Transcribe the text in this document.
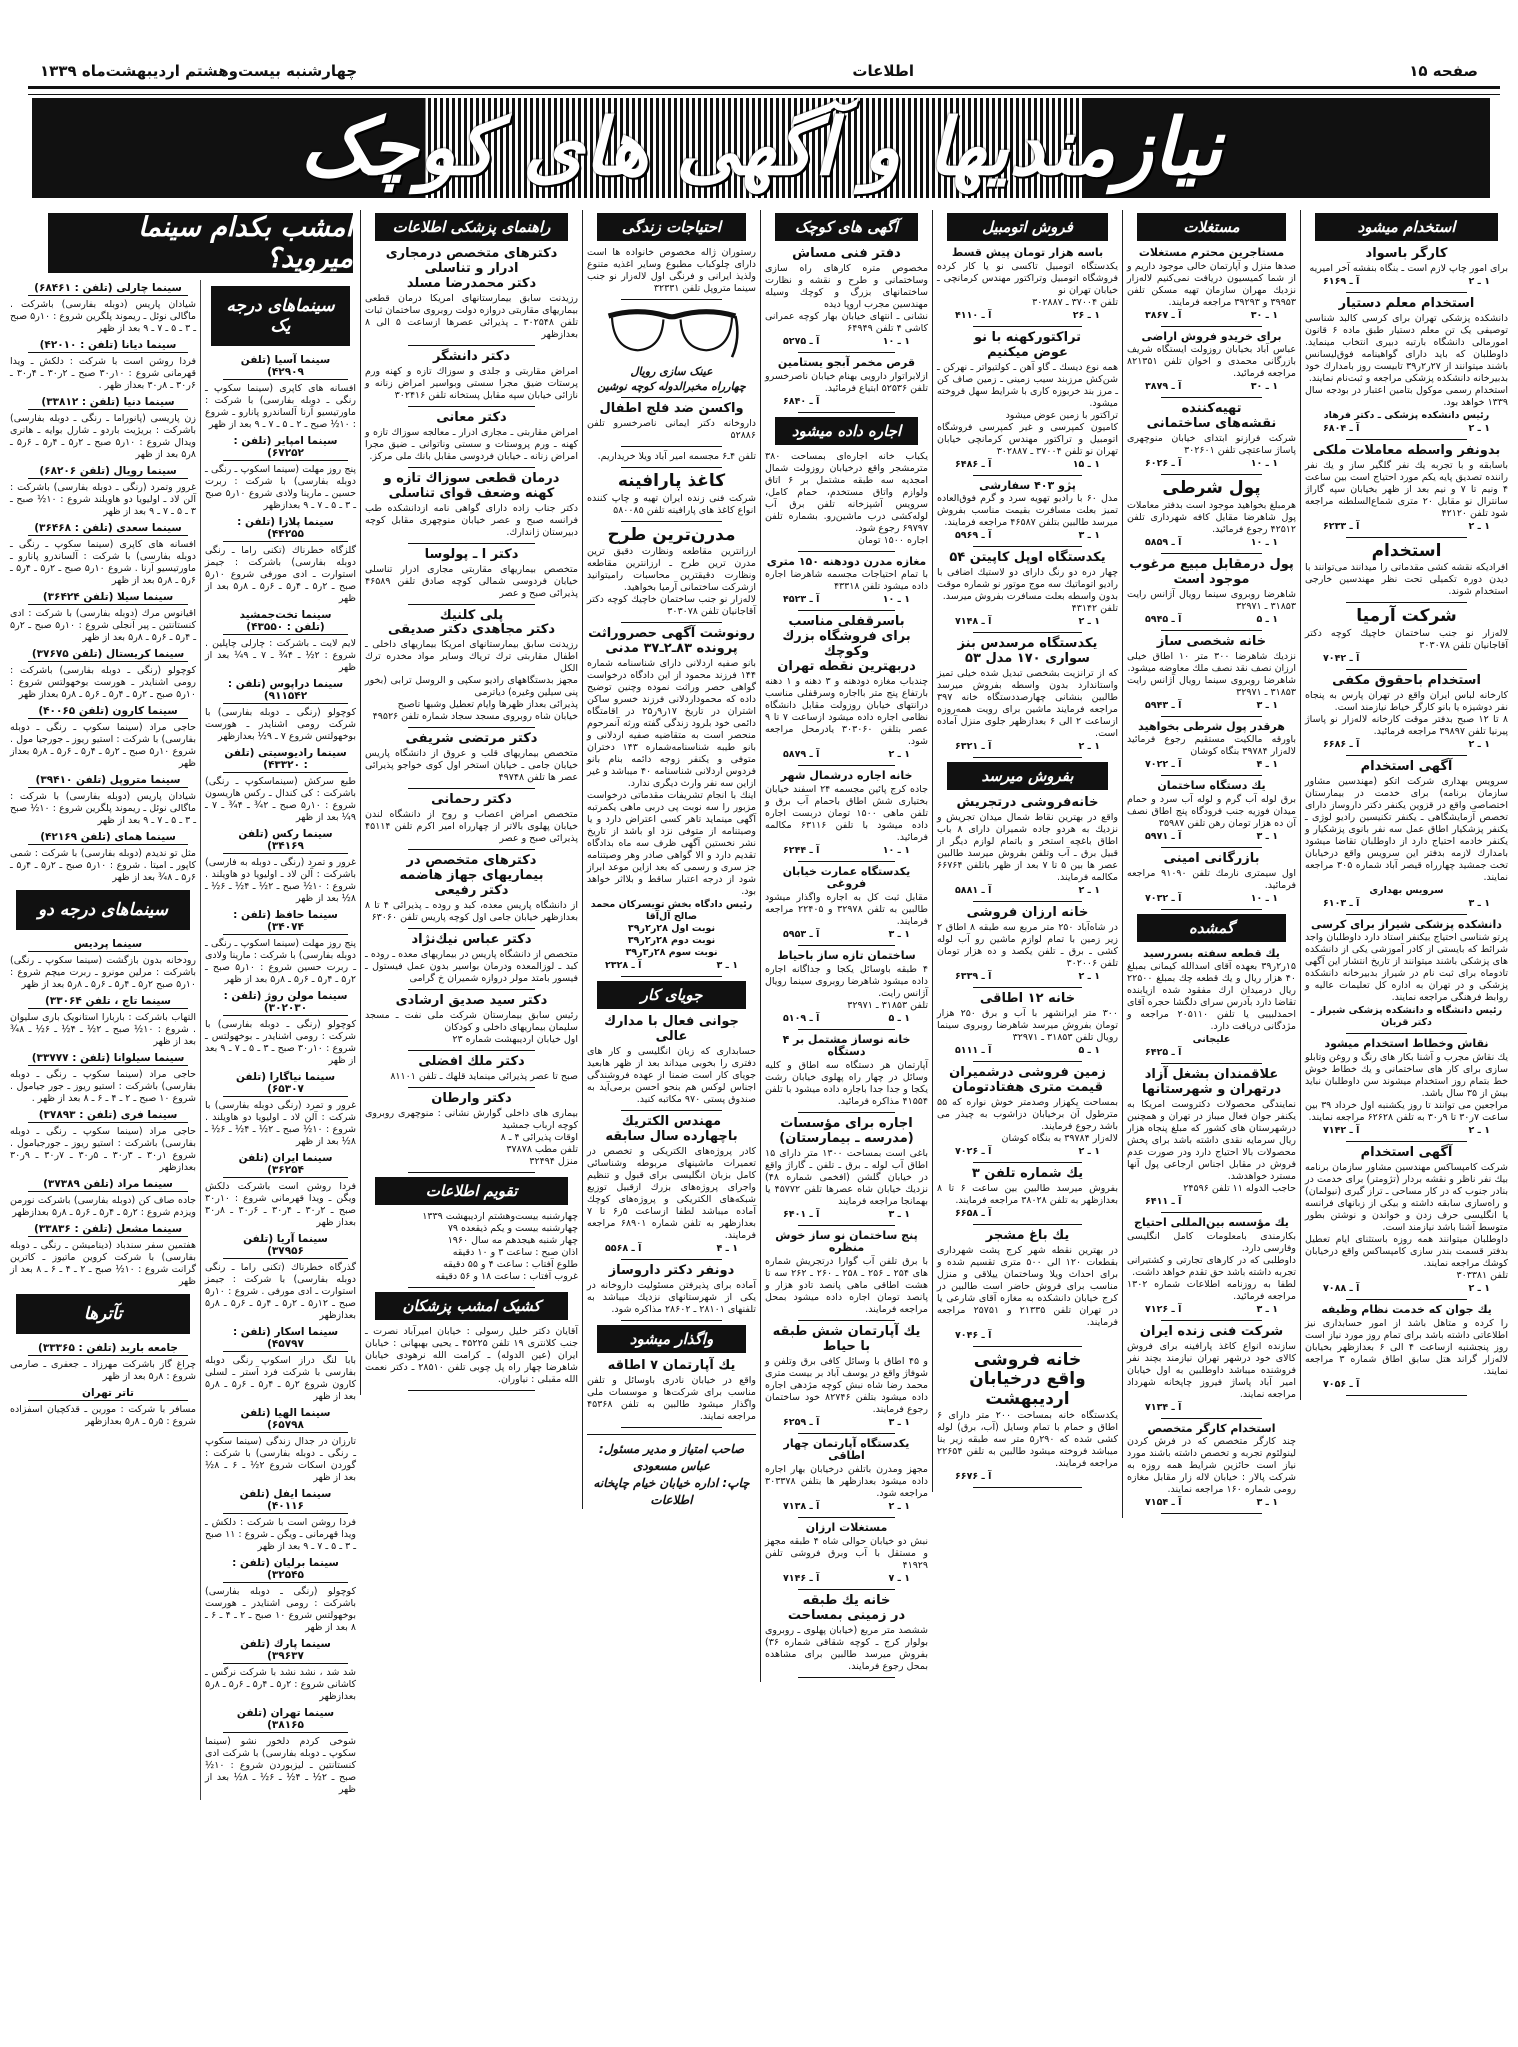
صفحه ۱۵
اطلاعات
چهارشنبه بیست‌وهشتم اردیبهشت‌ماه ۱۳۳۹
نیازمندیها و آگهی های کوچک
استخدام میشود
کارگر باسواد
برای امور چاپ لازم است ـ بنگاه بنفشه آخر امیریه
۱ ـ ۲
آ ـ ۶۱۶۹
استخدام معلم دستیار
دانشکده پزشکی تهران برای کرسی کالبد شناسی توصیفی یک تن معلم دستیار طبق ماده ۶ قانون امورمالی دانشگاه بارتبه دبیری انتخاب مینماید. داوطلبان که باید دارای گواهینامه فوق‌لیسانس باشند میتوانند از ۲۷ر۲ر۳۹ تابیست روز بامدارك خود بدبیرخانه دانشکده پزشکی مراجعه و ثبت‌نام نمایند.
استخدام رسمی موکول بتامین اعتبار در بودجه سال ۱۳۳۹ خواهد بود.
رئیس دانشکده پزشکی ـ دکتر فرهاد
۱ ـ ۲
آ ـ ۶۸۰۴
بدونفر واسطه معاملات ملکی
باسابقه و با تجربه یك نفر گلگیر ساز و یك نفر راننده تصدیق پایه یکم مورد احتیاج است بین ساعت ۴ ونیم تا ۷ و نیم بعد از ظهر بخیابان سپه گاراژ سانترال نو مقابل ۲۰ متری شماع‌السلطنه مراجعه شود تلفن ۴۲۱۲۰
۱ ـ ۲
آ ـ ۶۲۳۳
استخدام
افرادیکه نقشه کشی مقدماتی را میدانند می‌توانند با دیدن دوره تکمیلی تحت نظر مهندسین خارجی استخدام شوند.
شرکت آرمیا
لاله‌زار نو جنب ساختمان خاچیك کوچه دکتر آقاجانیان تلفن ۳۰۳۰۷۸
آ ـ ۷۰۴۲
استخدام باحقوق مکفی
کارخانه لباس ایران واقع در تهران پارس به پنجاه نفر دوشیزه یا بانو کارگر خیاط نیازمند است.
۸ تا ۱۲ صبح بدفتر موقت کارخانه لاله‌زار نو پاساژ پیرنیا تلفن ۳۹۸۹۷ مراجعه فرمائید.
۱ ـ ۲
آ ـ ۶۶۸۶
آگهی استخدام
سرویس بهداری شرکت اتکو (مهندسین مشاور سازمان برنامه) برای خدمت در بیمارستان اختصاصی واقع در قزوین یکنفر دکتر داروساز دارای تخصص آزمایشگاهی ـ یکنفر تکنیسین رادیو لوژی ـ یکنفر پزشکیار اطاق عمل سه نفر بانوی پزشکیار و یکنفر خادمه احتیاج دارد از داوطلبان تقاضا میشود بامدارك لازمه بدفتر این سرویس واقع درخیابان تخت جمشید چهارراه قیصر آباد شماره ۳۰۵ مراجعه نمایند.
سرویس بهداری
۱ ـ ۳
آ ـ ۶۱۰۳
دانشکده پزشکی شیراز برای کرسی
پرتو شناسی احتیاج بیکنفر استاد دارد داوطلبان واجد شرائط که بایستی از کادر آموزشی یکی از دانشکده های پزشکی باشند میتوانند از تاریخ انتشار این آگهی تادوماه برای ثبت نام در شیراز بدبیرخانه دانشکده پزشکی و در تهران به اداره کل تعلیمات عالیه و روابط فرهنگی مراجعه نمایند.
رئیس دانشگاه و دانشکده پزشکی شیراز ـ دکتر قربان
نقاش وخطاط استخدام میشود
یك نقاش مجرب و آشنا بکار های رنگ و روغن وتابلو سازی برای کار های ساختمانی و یك خطاط خوش خط بتمام روز استخدام میشوند سن داوطلبان نباید بیش از ۳۵ سال باشد.
مراجعین می توانند تا روز یکشنبه اول خرداد ۳۹ بین ساعت ۷ر۳۰ تا ۹ر۳۰ به تلفن ۶۲۶۲۸ مراجعه نمایند.
۱ ـ ۲
آ ـ ۷۱۴۲
آگهی استخدام
شرکت کامپساکس مهندسین مشاور سازمان برنامه بیك نفر ناظر و نقشه بردار (تژومتر) برای خدمت در بنادر جنوب که در کار مساحی ـ تراز گیری (نیولمان) و راه‌سازی سابقه داشته و بیکی از زبانهای فرانسه یا انگلیسی حرف زدن و خواندن و نوشتن بطور متوسط آشنا باشد نیازمند است.
داوطلبان میتوانند همه روزه باستثنای ایام تعطیل بدفتر قسمت بندر سازی کامپساکس واقع درخیابان کوشك مراجعه نمایند.
تلفن ۳۰۳۳۸۱
۱ ـ ۲
آ ـ ۷۰۸۸
یك جوان که خدمت نظام وظیفه
را کرده و متاهل باشد از امور حسابداری نیز اطلاعاتی داشته باشد برای تمام روز مورد نیاز است روز پنجشنبه ازساعت ۴ الی ۶ بعدازظهر بخیابان لاله‌زار گراند هتل سابق اطاق شماره ۳ مراجعه نمایند.
آ ـ ۷۰۵۶
مستغلات
مستاجرین محترم مستغلات
صدها منزل و آپارتمان خالی موجود داریم و از شما کمیسیون دریافت نمی‌کنیم لاله‌زار نزدیك مهران سازمان تهیه مسکن تلفن ۳۹۹۵۳ و ۳۹۲۹۳ مراجعه فرمایند.
۱ ـ ۳۰
آ ـ ۳۸۶۷
برای خریدو فروش اراضی
عباس آباد بخیابان روزولت ایستگاه شریف بازرگانی محمدی و اخوان تلفن ۸۲۱۳۵۱ مراجعه فرمائید.
۱ ـ ۳۰
آ ـ ۳۸۷۹
تهیه‌کننده
نقشه‌های ساختمانی
شرکت فرازنو ابتدای خیابان منوچهری پاساژ ساعتچی تلفن ۳۰۲۶۰۱
۱ ـ ۱۰
آ ـ ۶۰۲۶
پول شرطی
هرمبلغ بخواهید موجود است بدفتر معاملات پول شاهرضا مقابل کافه شهرداری تلفن ۴۲۵۱۲ رجوع فرمائید.
۱ ـ ۱۰
آ ـ ۵۸۵۹
پول درمقابل مبیع مرغوب
موجود است
شاهرضا روبروی سینما رویال آژانس رایت ۳۱۸۵۳ ـ ۳۲۹۷۱
۱ ـ ۵
آ ـ ۵۹۴۵
خانه شخصی ساز
نزدیك شاهرضا ۳۰۰ متر ۱۰ اطاق خیلی ارزان نصف نقد نصف ملك معاوضه میشود.
شاهرضا روبروی سینما رویال آژانس رایت ۳۱۸۵۳ ـ ۳۲۹۷۱
۱ ـ ۳
آ ـ ۵۹۴۳
هرقدر پول شرطی بخواهید
باورقه مالکیت مستقیم رجوع فرمائید لاله‌زار ۳۹۷۸۴ بنگاه کوشان
۱ ـ ۴
آ ـ ۷۰۲۲
یك دستگاه ساختمان
برق لوله آب گرم و لوله آب سرد و حمام میدان فوزیه جنب فرودگاه پنج اطاق نصف آن ده هزار تومان رهن تلفن ۳۵۹۸۷
۱ ـ ۳
آ ـ ۵۹۷۱
بازرگانی امینی
اول سیمتری نارمك تلفن ۹۱۰۹۰ مراجعه فرمائید.
۱ ـ ۱۰
آ ـ ۷۰۳۲
گمشده
یك قطعه سفته بسررسید
۱۵ر۲ر۳۹ بعهده آقای اسدالله کیمانی بمبلغ ۴۰ هزار ریال و یك قطعه چك بمبلغ ۲۲۵۰۰ ریال درمیدان ارك مفقود شده ازیابنده تقاضا دارد بآدرس سرای دلگشا حجره آقای احمدلبیبی یا تلفن ۲۰۵۱۱۰ مراجعه و مژدگانی دریافت دارد.
علیجانی
آ ـ ۶۴۲۵
علاقمندان بشغل آزاد
درتهران و شهرستانها
نمایندگی محصولات دکتروست امریکا به یکنفر جوان فعال میباز در تهران و همچنین درشهرستان های کشور که مبلغ پنجاه هزار ریال سرمایه نقدی داشته باشد برای پخش محصولات بالا احتیاج دارد ودر صورت عدم فروش در مقابل اجناس ارجاعی پول آنها مسترد خواهدشد.
حاجب الدوله ۱۱ تلفن ۲۴۵۹۶
آ ـ ۶۴۱۱
یك مؤسسه بین‌المللی احتیاج
بکارمندی بامعلومات کامل انگلیسی وفارسی دارد.
داوطلبی که در کارهای تجارتی و کشتیرانی تجربه داشته باشد حق تقدم خواهد داشت.
لطفا به روزنامه اطلاعات شماره ۱۳۰۲ مراجعه فرمائید.
۱ ـ ۳
آ ـ ۷۱۲۶
شرکت فنی زنده ایران
سازنده انواع کاغذ پارافینه برای فروش کالای خود درشهر تهران نیازمند بچند نفر فروشنده میباشد داوطلبین به اول خیابان امیر آباد پاساژ فیروز چاپخانه شهرداد مراجعه نمایند.
آ ـ ۷۱۳۴
استخدام کارگر متخصص
چند کارگر متخصص که در فرش کردن لینولئوم تجربه و تخصص داشته باشند مورد نیاز است حائزین شرایط همه روزه به شرکت پالار : خیابان لاله زار مقابل مغازه رومی شماره ۱۶۰ مراجعه نمایند.
۱ ـ ۳
آ ـ ۷۱۵۴
فروش اتومبیل
باسه هزار تومان پیش قسط
یکدستگاه اتومبیل تاکسی نو یا کار کرده فروشگاه اتومبیل وتراکتور مهندس کرمانچی ـ خیابان تهران نو
تلفن ۳۷۰۰۴ ـ ۳۰۲۸۸۷
۱ ـ ۲۶
آ ـ ۴۱۱۰
تراکتورکهنه با نو
عوض میکنیم
همه نوع دیسك ـ گاو آهن ـ کولتیواتر ـ نهرکن ـ شن‌کش مرزبند سیب زمینی ـ زمین صاف کن ـ مرز بند خربوزه کاری با شرایط سهل فروخته میشود.
تراکتور با زمین عوض میشود
کامیون کمپرسی و غیر کمپرسی فروشگاه اتومبیل و تراکتور مهندس کرمانچی خیابان تهران نو تلفن ۳۷۰۰۴ ـ ۳۰۲۸۸۷
۱ ـ ۱۵
آ ـ ۶۴۸۶
پژو ۴۰۳ سفارشی
مدل ۶۰ با رادیو تهویه سرد و گرم فوق‌العاده تمیز بعلت مسافرت بقیمت مناسب بفروش میرسد طالبین بتلفن ۴۶۵۸۷ مراجعه فرمایند.
۱ ـ ۳
آ ـ ۵۹۶۹
یکدستگاه اوپل کاپیتن ۵۴
چهار دره دو رنگ دارای دو لاستیك اضافی با رادیو اتوماتیك سه موج موتور نو شماره موقت بدون واسطه بعلت مسافرت بفروش میرسد.
تلفن ۴۳۱۴۲
۱ ـ ۲
آ ـ ۷۱۴۸
یکدستگاه مرسدس بنز
سواری ۱۷۰ مدل ۵۳
که از ترانزیت بشخصی تبدیل شده خیلی تمیز واستاندارد بدون واسطه بفروش میرسد طالبین بنشانی چهارصددستگاه خانه ۳۹۷ مراجعه فرمایند ماشین برای رویت همه‌روزه ازساعت ۲ الی ۶ بعدازظهر جلوی منزل آماده است.
۱ ـ ۲
آ ـ ۶۳۲۱
بفروش میرسد
خانه‌فروشی درتجریش
واقع در بهترین نقاط شمال میدان تجریش و نزدیك به هردو جاده شمیران دارای ۸ باب اطاق باغچه استخر و باتمام لوازم دیگر از قبیل برق ـ آب وتلفن بفروش میرسد طالبین عصر ها بین ۵ تا ۷ بعد از ظهر باتلفن ۶۶۷۶۴ مکالمه فرمایند.
۱ ـ ۲
آ ـ ۵۸۸۱
خانه ارزان فروشی
در شاه‌آباد ۲۵۰ متر مربع سه طبقه ۸ اطاق ۲ زیر زمین با تمام لوازم ماشین رو آب لوله کشی ـ برق ـ تلفن یکصد و ده هزار تومان تلفن ۳۰۲۰۰۶
۱ ـ ۲
آ ـ ۶۳۳۹
خانه ۱۲ اطاقی
۳۰۰ متر ایرانشهر با آب و برق ۲۵۰ هزار تومان بفروش میرسد شاهرضا روبروی سینما رویال تلفن ۳۱۸۵۳ ـ ۳۲۹۷۱
۱ ـ ۵
آ ـ ۵۱۱۱
زمین فروشی درشمیران
قیمت متری هفتادتومان
بمساحت یکهزار وصدمتر خوش نواره که ۵۵ مترطول آن برخیابان دزاشوب به چیذر می باشد رجوع فرمایند.
لاله‌زار ۳۹۷۸۴ به بنگاه کوشان
۱ ـ ۲
آ ـ ۷۰۲۶
یك شماره تلفن ۳
بفروش میرسد طالبین بین ساعت ۶ تا ۸ بعدازظهر به تلفن ۳۸۰۲۸ مراجعه فرمایند.
آ ـ ۶۶۵۸
یك باغ مشجر
در بهترین نقطه شهر کرج پشت شهرداری بقطعات ۱۲۰ الی ۵۰۰ متری تقسیم شده و برای احداث ویلا وساختمان ییلاقی و منزل مناسب برای فروش حاضر است طالبین در کرج خیابان دانشکده به مغازه آقای شارعی یا در تهران تلفن ۲۱۳۳۵ و ۲۵۷۵۱ مراجعه فرمایند.
آ ـ ۷۰۴۶
خانه فروشی
واقع درخیابان اردیبهشت
یکدستگاه خانه بمساحت ۲۰۰ متر دارای ۶ اطاق و حمام با تمام وسایل (آب، برق) لوله کشی شده که ۲۹۰ر۵ متر سه طبقه زیر بنا میباشد فروخته میشود طالبین به تلفن ۲۲۶۵۴ مراجعه فرمایند.
آ ـ ۶۶۷۶
آگهی های کوچک
دفتر فنی مساش
مخصوص متره کارهای راه سازی وساختمانی و طرح و نقشه و نظارت ساختمانهای بزرگ و کوچك وسیله مهندسین مجرب اروپا دیده
نشانی ـ انتهای خیابان بهار کوچه عمرانی کاشی ۴ تلفن ۶۴۹۴۹
۱ ـ ۱۰
آ ـ ۵۲۷۵
قرص مخمر آبجو یستامین
ازلابراتوار دارویی بهنام خیابان ناصرخسرو تلفن ۵۲۵۳۶ ابتیاع فرمائید.
آ ـ ۶۸۴۰
اجاره داده میشود
یکباب خانه اجاره‌ای بمساحت ۳۸۰ مترمشجر واقع درخیابان روزولت شمال امجدیه سه طبقه مشتمل بر ۶ اتاق ولوازم واتاق مستخدم، حمام کامل، سرویس آشپزخانه تلفن برق آب لوله‌کشی درب ماشین‌رو. بشماره تلفن ۶۹۷۹۷ رجوع شود.
اجاره ۱۵۰۰ تومان
مغازه مدرن دودهنه ۱۵۰ متری
با تمام احتیاجات مجسمه شاهرضا اجاره داده میشود تلفن ۴۳۳۱۸
۱ ـ ۱۰
آ ـ ۴۵۲۳
باسرقفلی مناسب
برای فروشگاه بزرك وکوچك
دربهترین نقطه تهران
چندباب مغازه دودهنه و ۳ دهنه و ۱ دهنه بارتفاع پنج متر بااجاره وسرقفلی مناسب درانتهای خیابان روزولت مقابل دانشگاه نظامی اجاره داده میشود ازساعت ۷ تا ۹ عصر بتلفن ۳۰۳۰۶۰ یادرمحل مراجعه شود.
۱ ـ ۲
آ ـ ۵۸۷۹
خانه اجاره درشمال شهر
جاده کرج پائین مجسمه ۲۴ اسفند خیابان بختیاری شش اطاق باحمام آب برق و تلفن ماهی ۱۵۰۰ تومان دربست اجاره داده میشود با تلفن ۶۳۱۱۶ مکالمه فرمائید.
۱ ـ ۱۰
آ ـ ۶۲۴۴
یکدستگاه عمارت خیابان فروغی
مقابل ثبت کل به اجاره واگذار میشود طالبین به تلفن ۳۲۹۷۸ و ۲۲۴۰۵ مراجعه فرمایند.
۱ ـ ۳
آ ـ ۵۹۵۳
ساختمان تازه ساز باحیاط
۴ طبقه باوسائل یکجا و جداگانه اجاره داده میشود شاهرضا روبروی سینما رویال آژانس رایت.
تلفن ۳۱۸۵۳ ـ ۳۲۹۷۱
۱ ـ ۵
آ ـ ۵۱۰۹
خانه نوساز مشتمل بر ۴ دستگاه
آپارتمان هر دستگاه سه اطاق و کلیه وسائل در چهار راه پهلوی خیابان رشت یکجا و جدا جدا باجاره داده میشود با تلفن ۴۱۵۵۴ مذاکره فرمائید.
اجاره برای مؤسسات
(مدرسه ـ بیمارستان)
باغی است بمساحت ۱۳۰۰ متر دارای ۱۵ اطاق آب لوله ـ برق ـ تلفن ـ گاراژ واقع در خیابان گلشن (افخمی شماره ۴۸) نزدیك خیابان شاه عصرها تلفن ۴۵۷۷۲ یا بهمانجا مراجعه فرمایند
۱ ـ ۳
آ ـ ۶۴۰۱
پنج ساختمان نو ساز خوش منظره
با برق تلفن آب گوارا درتجریش شماره های ۲۵۴ ـ ۲۵۶ ـ ۲۵۸ ـ ۲۶۰ ـ ۲۶۲ سه تا هشت اطاقی ماهی پانصد تادو هزار و پانصد تومان اجاره داده میشود بمحل مراجعه فرمایند.
یك آپارتمان شش طبقه
با حیاط
و ۴۵ اطاق با وسائل کافی برق وتلفن و شوفاژ واقع در یوسف آباد بر بیست متری محمد رضا شاه نبش کوچه مژدهی اجاره داده میشود بتلفن ۸۲۷۴۶ خود ساختمان رجوع فرمایند.
۱ ـ ۳
آ ـ ۶۲۵۹
یکدستگاه آپارتمان چهار اطاقی
مجهز ومدرن باتلفن درخیابان بهار اجاره داده میشود بعدازظهر ها بتلفن ۳۰۳۳۷۸ مراجعه شود.
۱ ـ ۲
آ ـ ۷۱۳۸
مستغلات ارزان
نبش دو خیابان حوالی شاه ۴ طبقه مجهز و مستقل با آب وبرق فروشی تلفن ۴۱۹۲۹
۱ ـ ۷
آ ـ ۷۱۴۶
خانه یك طبقه
در زمینی بمساحت
ششصد متر مربع (خیابان پهلوی ـ روبروی بولوار کرج ـ کوچه شقاقی شماره ۳۶) بفروش میرسد طالبین برای مشاهده بمحل رجوع فرمایند.
احتیاجات زندگی
رستوران ژاله مخصوص خانواده ها است دارای چلوکباب مطبوع وسایر اغذیه متنوع ولذیذ ایرانی و فرنگی اول لاله‌زار نو جنب سینما متروپل تلفن ۳۲۳۳۱
عینک سازی رویال
چهارراه مخبرالدوله کوچه نوشین
واکسن ضد فلج اطفال
داروخانه دکتر ایمانی ناصرخسرو تلفن ۵۲۸۸۶
تلفن ۴ـ۶ مجسمه امیر آباد ویلا خریداریم.
کاغذ پارافینه
شرکت فنی زنده ایران تهیه و چاپ کننده انواع کاغذ های پارافینه تلفن ۵۸۰۰۸۵
مدرن‌ترین طرح
ارزانترین مقاطعه ونظارت دقیق ترین مدرن ترین طرح ـ ارزانترین مقاطعه ونظارت دقیقترین محاسبات رامیتوانید ازشرکت ساختمانی آرمیا بخواهید.
لاله‌زار نو جنب ساختمان خاچیك کوچه دکتر آقاجانیان تلفن ۳۰۳۰۷۸
رونوشت آگهی حصروراثت
پرونده ۸۳ـ۲ـ۳۷ مدنی
بانو صفیه اردلانی دارای شناسنامه شماره ۱۴۴ فرزند محمود از این دادگاه درخواست گواهی حصر وراثت نموده وچنین توضیح داده که محموداردلانی فرزند خسرو ساکن اشتران در تاریخ ۱۷ر۹ر۲۵ در اقامتگاه دائمی خود بلرود زندگی گفته ورثه آنمرحوم منحصر است به متقاضیه صفیه اردلانی و بانو طیبه شناسنامه‌شماره ۱۴۳ دختران متوفی و یکنفر زوجه دائمه بنام بانو فردوس اردلانی شناسنامه ۴۰ میباشد و غیر ازاین سه نفر وارث دیگری ندارد.
اینك با انجام تشریفات مقدماتی درخواست مزبور را سه نوبت پی دربی ماهی یکمرتبه آگهی مینماید تاهر کسی اعتراض دارد و یا وصیتنامه از متوفی نزد او باشد از تاریخ نشر نخستین آگهی ظرف سه ماه بدادگاه تقدیم دارد و الا گواهی صادر وهر وصیتنامه جز سری و رسمی که بعد ازاین موعد ابراز شود از درجه اعتبار ساقط و بلااثر خواهد بود.
رئیس دادگاه بخش تویسرکان محمد صالح آل‌آقا
نوبت اول ۲۸ر۲ر۳۹
نوبت دوم ۲۸ر۲ر۳۹
نوبت سوم ۲۸ر۳ر۳۹
۱ ـ ۳
آ ـ ۲۳۲۸
جویای کار
جوانی فعال با مدارك عالی
حسابداری که زبان انگلیسی و کار های دفتری را بخوبی میداند بعد از ظهر هابعید جویای کار است ضمنا از عهده فروشندگی اجناس لوکس هم بنحو احسن برمی‌آید به صندوق پستی ۹۷۰ مکاتبه کنید.
مهندس الکتریك
باچهارده سال سابقه
کادر پروژه‌های الکتریکی و تخصص در تعمیرات ماشینهای مربوطه وشناسائی کامل بزبان انگلیسی برای قبول و تنظیم واجرای پروژه‌های بزرك ازقبیل توزیع شبکه‌های الکتریکی و پروژه‌های کوچك آماده میباشد لطفا ازساعت ۵ر۶ تا ۷ بعدازظهر به تلفن شماره ۶۸۹۰۱ مراجعه فرمایند.
۱ ـ ۴
آ ـ ۵۵۶۸
دونفر دکتر داروساز
آماده برای پذیرفتن مسئولیت داروخانه در یکی از شهرستانهای نزدیك میباشد به تلفنهای ۲۸۱۰۱ ـ ۲۸۶۰۲ مذاکره شود.
واگذار میشود
یك آپارتمان ۷ اطاقه
واقع در خیابان نادری باوسائل و تلفن مناسب برای شرکت‌ها و موسسات ملی واگذار میشود طالبین به تلفن ۴۵۳۶۸ مراجعه نمایند.
صاحب امتیاز و مدیر مسئول: عباس مسعودی
چاپ: اداره خیابان خیام چاپخانه اطلاعات
راهنمای پزشکی اطلاعات
دکترهای متخصص درمجاری
ادرار و تناسلی
دکتر محمدرضا مسلد
رزیدنت سابق بیمارستانهای امریکا درمان قطعی بیماریهای مقاربتی دروازه دولت روبروی ساختمان ثبات تلفن ۳۰۲۵۴۸ ـ پذیرائی عصرها ازساعت ۵ الی ۸ بعدازظهر
دکتر دانشگر
امراض مقاربتی و جلدی و سوزاك تازه و کهنه ورم پرستات ضیق مجرا سستی وبواسیر امراض زنانه و نازائی خیابان سپه مقابل پستخانه تلفن ۳۰۲۴۱۶
دکتر معانی
امراض مقاربتی ـ مجاری ادرار ـ معالجه سوزاك تازه و کهنه ـ ورم پروستات و سستی وناتوانی ـ ضیق مجرا امراض زنانه ـ خیابان فردوسی مقابل بانك ملی مرکز.
درمان قطعی سوزاك تازه و
کهنه وضعف قوای تناسلی
دکتر جناب زاده دارای گواهی نامه ازدانشکده طب فرانسه صبح و عصر خیابان منوچهری مقابل کوچه دبیرستان ژاندارك.
دکتر ا ـ پولوسا
متخصص بیماریهای مقاربتی مجاری ادرار تناسلی خیابان فردوسی شمالی کوچه صادق تلفن ۴۶۵۸۹ پذیرائی صبح و عصر
پلی کلنیك
دکتر مجاهدی دکتر صدیقی
رزیدنت سابق بیمارستانهای امریکا بیماریهای داخلی ـ اطفال مقاربتی ترك تریاك وسایر مواد مخدره ترك الکل
مجهز بدستگاههای رادیو سکپی و الروسل ترابی (بخور پنی سیلین وغیره) دیاترمی
پذیرائی بعداز ظهرها وایام تعطیل وشبها تاصبح
خیابان شاه روبروی مسجد سجاد شماره تلفن ۴۹۵۲۶
دکتر مرتضی شریفی
متخصص بیماریهای قلب و عروق از دانشگاه پاریس خیابان جامی ـ خیابان استخر اول کوی خواجو پذیرائی عصر ها تلفن ۴۹۷۴۸
دکتر رحمانی
متخصص امراض اعصاب و روح از دانشگاه لندن خیابان پهلوی بالاتر از چهارراه امیر اکرم تلفن ۴۵۱۱۴ پذیرائی صبح و عصر
دکترهای متخصص در
بیماریهای جهاز هاضمه
دکتر رفیعی
از دانشگاه پاریس معده، کبد و روده ـ پذیرائی ۴ تا ۸ بعدازظهر خیابان جامی اول کوچه پاریس تلفن ۶۳۰۶۰
دکتر عباس نیك‌نژاد
متخصص از دانشگاه پاریس در بیماریهای معده ـ روده ـ کبد ـ لوزالمعده ودرمان بواسیر بدون عمل فیستول ـ فیسور بامتد مولر دروازه شمیران خ گرامی
دکتر سید صدیق ارشادی
رئیس سابق بیمارستان شرکت ملی نفت ـ مسجد سلیمان بیماریهای داخلی و کودکان
اول خیابان اردیبهشت شماره ۲۳
دکتر ملك افضلی
صبح تا عصر پذیرائی مینماید قلهك ـ تلفن ۸۱۱۰۱
دکتر وارطان
بیماری های داخلی گوارش نشانی : منوچهری روبروی کوچه ارباب جمشید
اوقات پذیرائی ۴ ـ ۸
تلفن مطب ۳۷۸۷۸
منزل ۳۲۴۹۴
تقویم اطلاعات
چهارشنبه بیست‌وهشتم اردیبهشت ۱۳۳۹
چهارشنبه بیست و یکم ذیقعده ۷۹
چهار شنبه هیجدهم مه سال ۱۹۶۰
اذان صبح : ساعت ۳ و ۱۰ دقیقه
طلوع آفتاب : ساعت ۴ و ۵۵ دقیقه
غروب آفتاب : ساعت ۱۸ و ۵۶ دقیقه
کشیک امشب پزشکان
آقایان دکتر خلیل رسولی : خیابان امیرآباد نصرت ـ جنب کلانتری ۱۹ تلفن ۴۵۲۲۵ ـ یحیی بهبهانی : خیابان ایران (عین الدوله) ـ کرامت الله نرهودی خیابان شاهرضا چهار راه پل چوبی تلفن ۲۸۵۱۰ ـ دکتر نعمت الله مقبلی : نیاوران.
امشب بکدام سینما میروید؟
سینماهای درجه یک
سینما آسیا (تلفن ۴۲۹۰۹)
افسانه های کاپری (سینما سکوپ ـ رنگی ـ دوبله بفارسی) با شرکت : ماورتیسیو آرنا آلساندرو پانارو ـ شروع : ۱۰½ صبح ـ ۲ ـ ۵ ـ ۷ ـ ۹ بعد از ظهر
سینما امپایر (تلفن : ۶۷۲۵۲)
پنج روز مهلت (سینما اسکوپ ـ رنگی ـ دوبله بفارسی) با شرکت : ربرت حسین ـ مارینا ولادی شروع ۱۰ر۵ صبح ـ ۳ ـ ۵ ـ ۷ ـ ۹ بعدازظهر
سینما پلازا (تلفن : ۴۴۲۵۵)
گلزگاه خطرناك (تکنی راما ـ رنگی دوبله بفارسی) باشرکت : جیمز استوارت ـ ادی مورفی شروع ۱۰ر۵ صبح ـ ۲ر۵ ـ ۴ر۵ ـ ۶ر۵ ـ ۸ر۵ بعد از ظهر
سینما تخت‌جمشید (تلفن : ۴۳۵۵۰)
لایم لایت ـ باشرکت : چارلی چاپلین . شروع : ۲½ ـ ۴¾ ـ ۷ ـ ۹¼ بعد از ظهر
سینما دراپوس (تلفن : ۹۱۱۵۴۲)
کوچولو (رنگی ـ دوبله بفارسی) با شرکت رومی اشنایدر ـ هورست بوخهولتس شروع ۷ ـ ۹½ بعدازظهر
سینما رادیوسیتی (تلفن : ۴۳۳۲۰)
طبع سرکش (سینماسکوپ ـ رنگی) باشرکت : کی کندال ـ رکس هاریسون شروع : ۱۰ر۵ صبح ـ ۲¾ ـ ۴¾ ـ ۷ ـ ۹¼ بعد از ظهر
سینما رکس (تلفن ۳۴۱۶۹)
غرور و تمرد (رنگی ـ دوبله به فارسی) باشرکت : آلن لاد ـ اولیویا دو هاویلند . شروع : ۱۰½ صبح ـ ۲½ ـ ۴½ ـ ۶½ ـ ۸½ بعد از ظهر
سینما حافظ (تلفن : ۳۴۰۷۴)
پنج روز مهلت (سینما اسکوپ ـ رنگی ـ دوبله بفارسی) با شرکت : مارینا ولادی ـ ربرت حسین شروع : ۱۰ر۵ صبح ـ ۲ر۵ ـ ۴ر۵ ـ ۶ر۵ ـ ۸ر۵ بعد از ظهر
سینما مولن روژ (تلفن : ۳۰۲۰۳۰)
کوچولو (رنگی ـ دوبله بفارسی) با شرکت : رومی اشنایدر ـ بوخهولتس ـ شروع : ۱۰ر۳۰ صبح ـ ۳ ـ ۵ ـ ۷ ـ ۹ بعد از ظهر
سینما نیاگارا (تلفن ۶۵۳۰۷)
غرور و تمرد (رنگی دوبله بفارسی) با شرکت : آلن لاد ـ اولیویا دو هاویلند . شروع : ۱۰½ صبح ـ ۲½ ـ ۴½ ـ ۶½ ـ ۸½ بعد از ظهر
سینما ایران (تلفن ۳۶۲۵۴)
فردا روشن است باشرکت دلکش ویگن ـ ویدا قهرمانی شروع : ۱۰ر۳۰ صبح ـ ۲ر۳۰ ـ ۴ر۳۰ ـ ۶ر۳۰ ـ ۸ر۳۰ بعداز ظهر
سینما آریا (تلفن ۳۷۹۵۶)
گذرگاه خطرناك (تکنی راما ـ رنگی دوبله بفارسی) با شرکت : جیمز استوارت ـ ادی مورفی . شروع : ۱۰ر۵ صبح ـ ۱۲ر۵ ـ ۲ر۵ ـ ۴ر۵ ـ ۶ر۵ ـ ۸ر۵ بعدازظهر
سینما اسکار (تلفن : ۴۵۷۹۷)
بابا لنگ دراز اسکوپ رنگی دوبله بفارسی با شرکت فرد آستر ـ لسلی کارون شروع ۲ر۵ ـ ۴ر۵ ـ ۶ر۵ ـ ۸ر۵ بعد از ظهر
سینما الهیا (تلفن ۶۵۷۹۸)
تارزان در جدال زندگی (سینما سکوپ ـ رنگی ـ دوبله بفارسی) با شرکت : گوردن اسکات شروع ۲½ ـ ۶ ـ ۸½ بعد از ظهر
سینما ایفل (تلفن ۴۰۱۱۶)
فردا روشن است با شرکت : دلکش ـ ویدا قهرمانی ـ ویگن ـ شروع : ۱۱ صبح ـ ۳ ـ ۵ ـ ۷ ـ ۹ بعد از ظهر
سینما برلیان (تلفن : ۳۲۵۴۵)
کوچولو (رنگی ـ دوبله بفارسی) باشرکت : رومی اشنایدر ـ هورست بوخهولتس شروع ۱۰ صبح ـ ۲ ـ ۴ ـ ۶ ـ ۸ بعد از ظهر
سینما پارك (تلفن ۳۹۶۳۷)
شد شد ، نشد نشد با شرکت نرگس ـ کاشانی شروع : ۲ر۵ ـ ۴ر۵ ـ ۶ر۵ ـ ۸ر۵ بعدازظهر
سینما تهران (تلفن ۳۸۱۶۵)
شوخی کردم دلخور نشو (سینما سکوپ ـ دوبله بفارسی) با شرکت ادی کنستانتین ـ لیزبوردن شروع : ۱۰½ صبح ـ ۲½ ـ ۴½ ـ ۶½ ـ ۸½ بعد از ظهر
سینما چارلی (تلفن : ۶۸۴۶۱)
شیادان پاریس (دوبله بفارسی) باشرکت . ماگالی نوئل ـ ریموند پلگرین شروع : ۱۰ر۵ صبح ـ ۳ ـ ۵ ـ ۷ ـ ۹ بعد از ظهر
سینما دیانا (تلفن : ۴۲۰۱۰)
فردا روشن است با شرکت : دلکش ـ ویدا قهرمانی شروع : ۱۰ر۳۰ صبح ـ ۲ر۳۰ ـ ۴ر۳۰ ـ ۶ر۳۰ ـ ۸ر۳۰ بعداز ظهر .
سینما دنیا (تلفن : ۳۳۸۱۲)
زن پاریسی (پانوراما ـ رنگی ـ دوبله بفارسی) باشرکت : بریژیت باردو ـ شارل بوایه ـ هانری ویدال شروع : ۱۰ر۵ صبح ـ ۲ر۵ ـ ۴ر۵ ـ ۶ر۵ ـ ۸ر۵ بعد از ظهر
سینما رویال (تلفن ۶۸۲۰۶)
غرور وتمرد (رنگی ـ دوبله بفارسی) باشرکت : آلن لاد ـ اولیویا دو هاویلند شروع : ۱۰½ صبح ـ ۳ ـ ۵ ـ ۷ ـ ۹ بعد از ظهر
سینما سعدی (تلفن : ۳۶۴۶۸)
افسانه های کاپری (سینما سکوپ ـ رنگی ـ دوبله بفارسی) با شرکت : آلساندرو پانارو ـ ماورتیسیو آرنا . شروع ۱۰ر۵ صبح ـ ۲ر۵ ـ ۴ر۵ ـ ۶ر۵ ـ ۸ر۵ بعد از ظهر
سینما سیلا (تلفن ۳۶۴۲۴)
اقیانوس مرك (دوبله بفارسی) با شرکت : ادی کنستانتین ـ پیر آنجلی شروع : ۱۰ر۵ صبح ـ ۲ر۵ ـ ۴ر۵ ـ ۶ر۵ ـ ۸ر۵ بعد از ظهر
سینما کریستال (تلفن ۳۷۶۷۵)
کوچولو (رنگی ـ دوبله بفارسی) باشرکت : رومی اشنایدر ـ هورست بوخهولتس شروع : ۱۰ر۵ صبح ـ ۲ر۵ ـ ۴ر۵ ـ ۶ر۵ ـ ۸ر۵ بعداز ظهر
سینما کارون (تلفن ۴۰۰۶۵)
حاجی مراد (سینما سکوپ ـ رنگی ـ دوبله بفارسی) با شرکت : استیو ریوز ـ جورجیا مول . شروع ۱۰ر۵ صبح ـ ۲ر۵ ـ ۴ر۵ ـ ۶ر۵ ـ ۸ر۵ بعداز ظهر
سینما متروپل (تلفن ۳۹۴۱۰)
شیادان پاریس (دوبله بفارسی) با شرکت : ماگالی نوئل ـ ریموند پلگرین شروع : ۱۰½ صبح ـ ۳ ـ ۵ ـ ۷ ـ ۹ بعد از ظهر
سینما همای (تلفن ۴۲۱۶۹)
مثل تو ندیدم (دوبله بفارسی) با شرکت : شمی کاپور ـ امیتا . شروع : ۱۰ر۵ صبح ـ ۲ر۵ ـ ۴ر۵ ـ ۶ر۵ ـ ۸¾ بعد از ظهر
سینماهای درجه دو
سینما پردیس
رودخانه بدون بازگشت (سینما سکوپ ـ رنگی) باشرکت : مرلین مونرو ـ ربرت میچم شروع : ۱۰ر۵ صبح ۲ر۵ ـ ۴ر۵ ـ ۶ر۵ ـ ۸ر۵ بعد از ظهر
سینما تاج ، تلفن ۳۳۰۶۴)
التهاب باشرکت : باربارا استانویک باری سلیوان . شروع : ۱۰½ صبح ـ ۲½ ـ ۴½ ـ ۶½ ـ ۸¾ بعد از ظهر
سینما سیلوانا (تلفن : ۳۳۷۷۷)
حاجی مراد (سینما سکوپ ـ رنگی ـ دوبله بفارسی) باشرکت : استیو ریوز ـ جور جیامول . شروع ۱۰ صبح ـ ۲ ـ ۴ ـ ۶ ـ ۸ بعد از ظهر .
سینما فری (تلفن : ۳۷۸۹۳)
حاجی مراد (سینما سکوپ ـ رنگی ـ دوبله بفارسی) باشرکت : استیو ریوز ـ جورجیامول . شروع ۱ر۳۰ ـ ۳ر۳۰ ـ ۵ر۳۰ ـ ۷ر۳۰ ـ ۹ر۳۰ بعدازظهر
سینما مراد (تلفن ۳۷۳۸۹)
جاده صاف کن (دوبله بفارسی) باشرکت نورمن ویزدم شروع : ۲ر۵ ـ ۴ر۵ ـ ۶ر۵ ـ ۸ر۵ بعدازظهر
سینما مشعل (تلفن : ۳۳۸۳۶)
هفتمین سفر سندباد (دینامیشن ـ رنگی ـ دوبله بفارسی) با شرکت کروین ماتیوز ـ کاترین گرانت شروع : ۱۰½ صبح ـ ۲ ـ ۴ ـ ۶ ـ ۸ بعد از ظهر
تآترها
جامعه باربد (تلفن : ۳۳۳۶۵)
چراغ گاز باشرکت مهرزاد ـ جعفری ـ صارمی شروع : ۸ر۵ بعد از ظهر
تاتر تهران
مسافر با شرکت : مورین ـ قدکچیان اسفزاده شروع : ۵ر۵ ـ ۸ر۵ بعدازظهر
